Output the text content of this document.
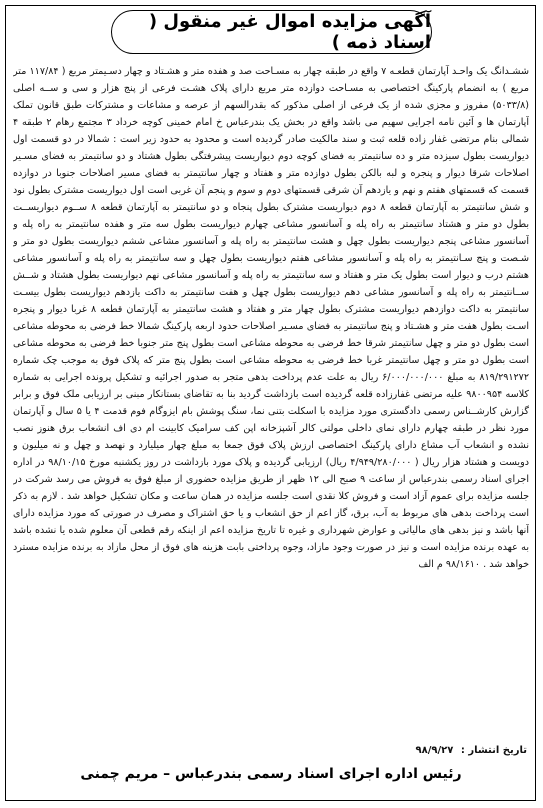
آگهی مزایده اموال غیر منقول ( اسناد ذمه )
ششـدانگ یک واحـد آپارتمان قطعـه ۷ واقع در طبقه چهار به مسـاحت صد و هفده متر و هشـتاد و چهار دسـیمتر مربع ( ۱۱۷/۸۴ متر مربع ) به انضمام پارکینگ اختصاصی به مسـاحت دوازده متر مربع دارای پلاک هشـت فرعی از پنج هزار و سی و ســه اصلی (۵۰۳۳/۸) مفروز و مجزی شده از یک فرعی از اصلی مذکور که بقدرالسهم از عرصه و مشاعات و مشترکات طبق قانون تملک آپارتمان ها و آئین نامه اجرایی سهیم می باشد واقع در بخش یک بندرعباس خ امام خمینی کوچه خرداد ۳ مجتمع رهام ۲ طبقه ۴ شمالی بنام مرتضی غفار زاده قلعه ثبت و سند مالکیت صادر گردیده است و محدود به حدود زیر است : شمالا در دو قسمت اول دیواریست بطول سیزده متر و ده سانتیمتر به فضای کوچه دوم دیواریست پیشرفتگی بطول هشتاد و دو سانتیمتر به فضای مسـیر اصلاحات شرقا دیوار و پنجره و لبه بالکن بطول دوازده متر و هفتاد و چهار سانتیمتر به فضای مسیر اصلاحات جنوبا در دوازده قسمت که قسمتهای هفتم و نهم و یازدهم آن شرقی قسمتهای دوم و سوم و پنجم آن غربی است اول دیواریست مشترک بطول نود و شش سانتیمتر به آپارتمان قطعه ۸ دوم دیواریست مشترک بطول پنجاه و دو سانتیمتر به آپارتمان قطعه ۸ ســوم دیواریســت بطول دو متر و هشتاد سانتیمتر به راه پله و آسانسور مشاعی چهارم دیواریست بطول سه متر و هفده سانتیمتر به راه پله و آسانسور مشاعی پنجم دیواریست بطول چهل و هشت سانتیمتر به راه پله و آسانسور مشاعی ششم دیواریست بطول دو متر و شـصت و پنج سـانتیمتر به راه پله و آسانسور مشاعی هفتم دیواریست بطول چهل و سه سانتیمتر به راه پله و آسانسور مشاعی هشتم درب و دیوار است بطول یک متر و هفتاد و سه سانتیمتر به راه پله و آسانسور مشاعی نهم دیواریست بطول هشتاد و شــش ســانتیمتر به راه پله و آسانسور مشاعی دهم دیواریست بطول چهل و هفت سانتیمتر به داکت یازدهم دیواریست بطول بیسـت سانتیمتر به داکت دوازدهم دیواریست مشترک بطول چهار متر و هفتاد و هشت سانتیمتر به آپارتمان قطعه ۸ غربا دیوار و پنجره اسـت بطول هفت متر و هشـتاد و پنج سانتیمتر به فضای مسـیر اصلاحات حدود اربعه پارکینگ شمالا خط فرضی به محوطه مشاعی است بطول دو متر و چهل سانتیمتر شرقا خط فرضی به محوطه مشاعی است بطول پنج متر جنوبا خط فرضی به محوطه مشاعی است بطول دو متر و چهل سانتیمتر غربا خط فرضی به محوطه مشاعی است بطول پنج متر که پلاک فوق به موجب چک شماره ۸۱۹/۲۹۱۲۷۲ به مبلغ ۶/۰۰۰/۰۰۰/۰۰۰ ریال به علت عدم پرداخت بدهی متجر به صدور اجرائیه و تشکیل پرونده اجرایی به شماره کلاسه ۹۸۰۰۹۵۴ علیه مرتضی غفارزاده قلعه گردیده است بازداشت گردید بنا به تقاضای بستانکار مبنی بر ارزیابی ملک فوق و برابر گزارش کارشــناس رسمی دادگستری مورد مزایده با اسکلت بتنی نما، سنگ پوشش بام ایزوگام فوم قدمت ۴ یا ۵ سال و آپارتمان مورد نظر در طبقه چهارم دارای نمای داخلی مولتی کالر آشپزخانه اپن کف سرامیک کابینت ام دی اف انشعاب برق هنوز نصب نشده و انشعاب آب مشاع دارای پارکینگ اختصاصی ارزش پلاک فوق جمعا به مبلغ چهار میلیارد و نهصد و چهل و نه میلیون و دویست و هشتاد هزار ریال ( ۴/۹۴۹/۲۸۰/۰۰۰ ریال) ارزیابی گردیده و پلاک مورد بازداشت در روز یکشنبه مورخ ۹۸/۱۰/۱۵ در اداره اجرای اسناد رسمی بندرعباس از ساعت ۹ صبح الی ۱۲ ظهر از طریق مزایده حضوری از مبلغ فوق به فروش می رسد شرکت در جلسه مزایده برای عموم آزاد است و فروش کلا نقدی است جلسه مزایده در همان ساعت و مکان تشکیل خواهد شد . لازم به ذکر است پرداخت بدهی های مربوط به آب، برق، گاز اعم از حق انشعاب و یا حق اشتراک و مصرف در صورتی که مورد مزایده دارای آنها باشد و نیز بدهی های مالیاتی و عوارض شهرداری و غیره تا تاریخ مزایده اعم از اینکه رقم قطعی آن معلوم شده یا نشده باشد به عهده برنده مزایده است و نیز در صورت وجود مازاد، وجوه پرداختی بابت هزینه های فوق از محل مازاد به برنده مزایده مسترد خواهد شد . ۹۸/۱۶۱۰ م الف
تاریخ انتشار : ۹۸/۹/۲۷
رئیس اداره اجرای اسناد رسمی بندرعباس – مریم چمنی
